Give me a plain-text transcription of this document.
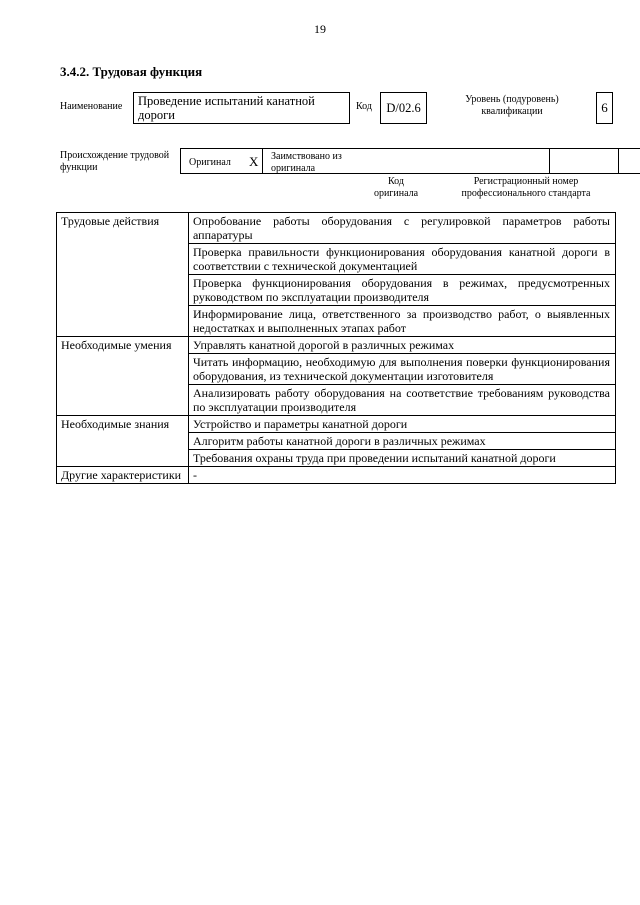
19
3.4.2. Трудовая функция
Наименование	Проведение испытаний канатной дороги
Код	D/02.6
Уровень (подуровень) квалификации	6
Происхождение трудовой функции	Оригинал X Заимствовано из оригинала
Код оригинала
Регистрационный номер профессионального стандарта
Трудовые действия	Опробование работы оборудования с регулировкой параметров работы аппаратуры
	Проверка правильности функционирования оборудования канатной дороги в соответствии с технической документацией
	Проверка функционирования оборудования в режимах, предусмотренных руководством по эксплуатации производителя
	Информирование лица, ответственного за производство работ, о выявленных недостатках и выполненных этапах работ
Необходимые умения	Управлять канатной дорогой в различных режимах
	Читать информацию, необходимую для выполнения поверки функционирования оборудования, из технической документации изготовителя
	Анализировать работу оборудования на соответствие требованиям руководства по эксплуатации производителя
Необходимые знания	Устройство и параметры канатной дороги
	Алгоритм работы канатной дороги в различных режимах
	Требования охраны труда при проведении испытаний канатной дороги
Другие характеристики	-
